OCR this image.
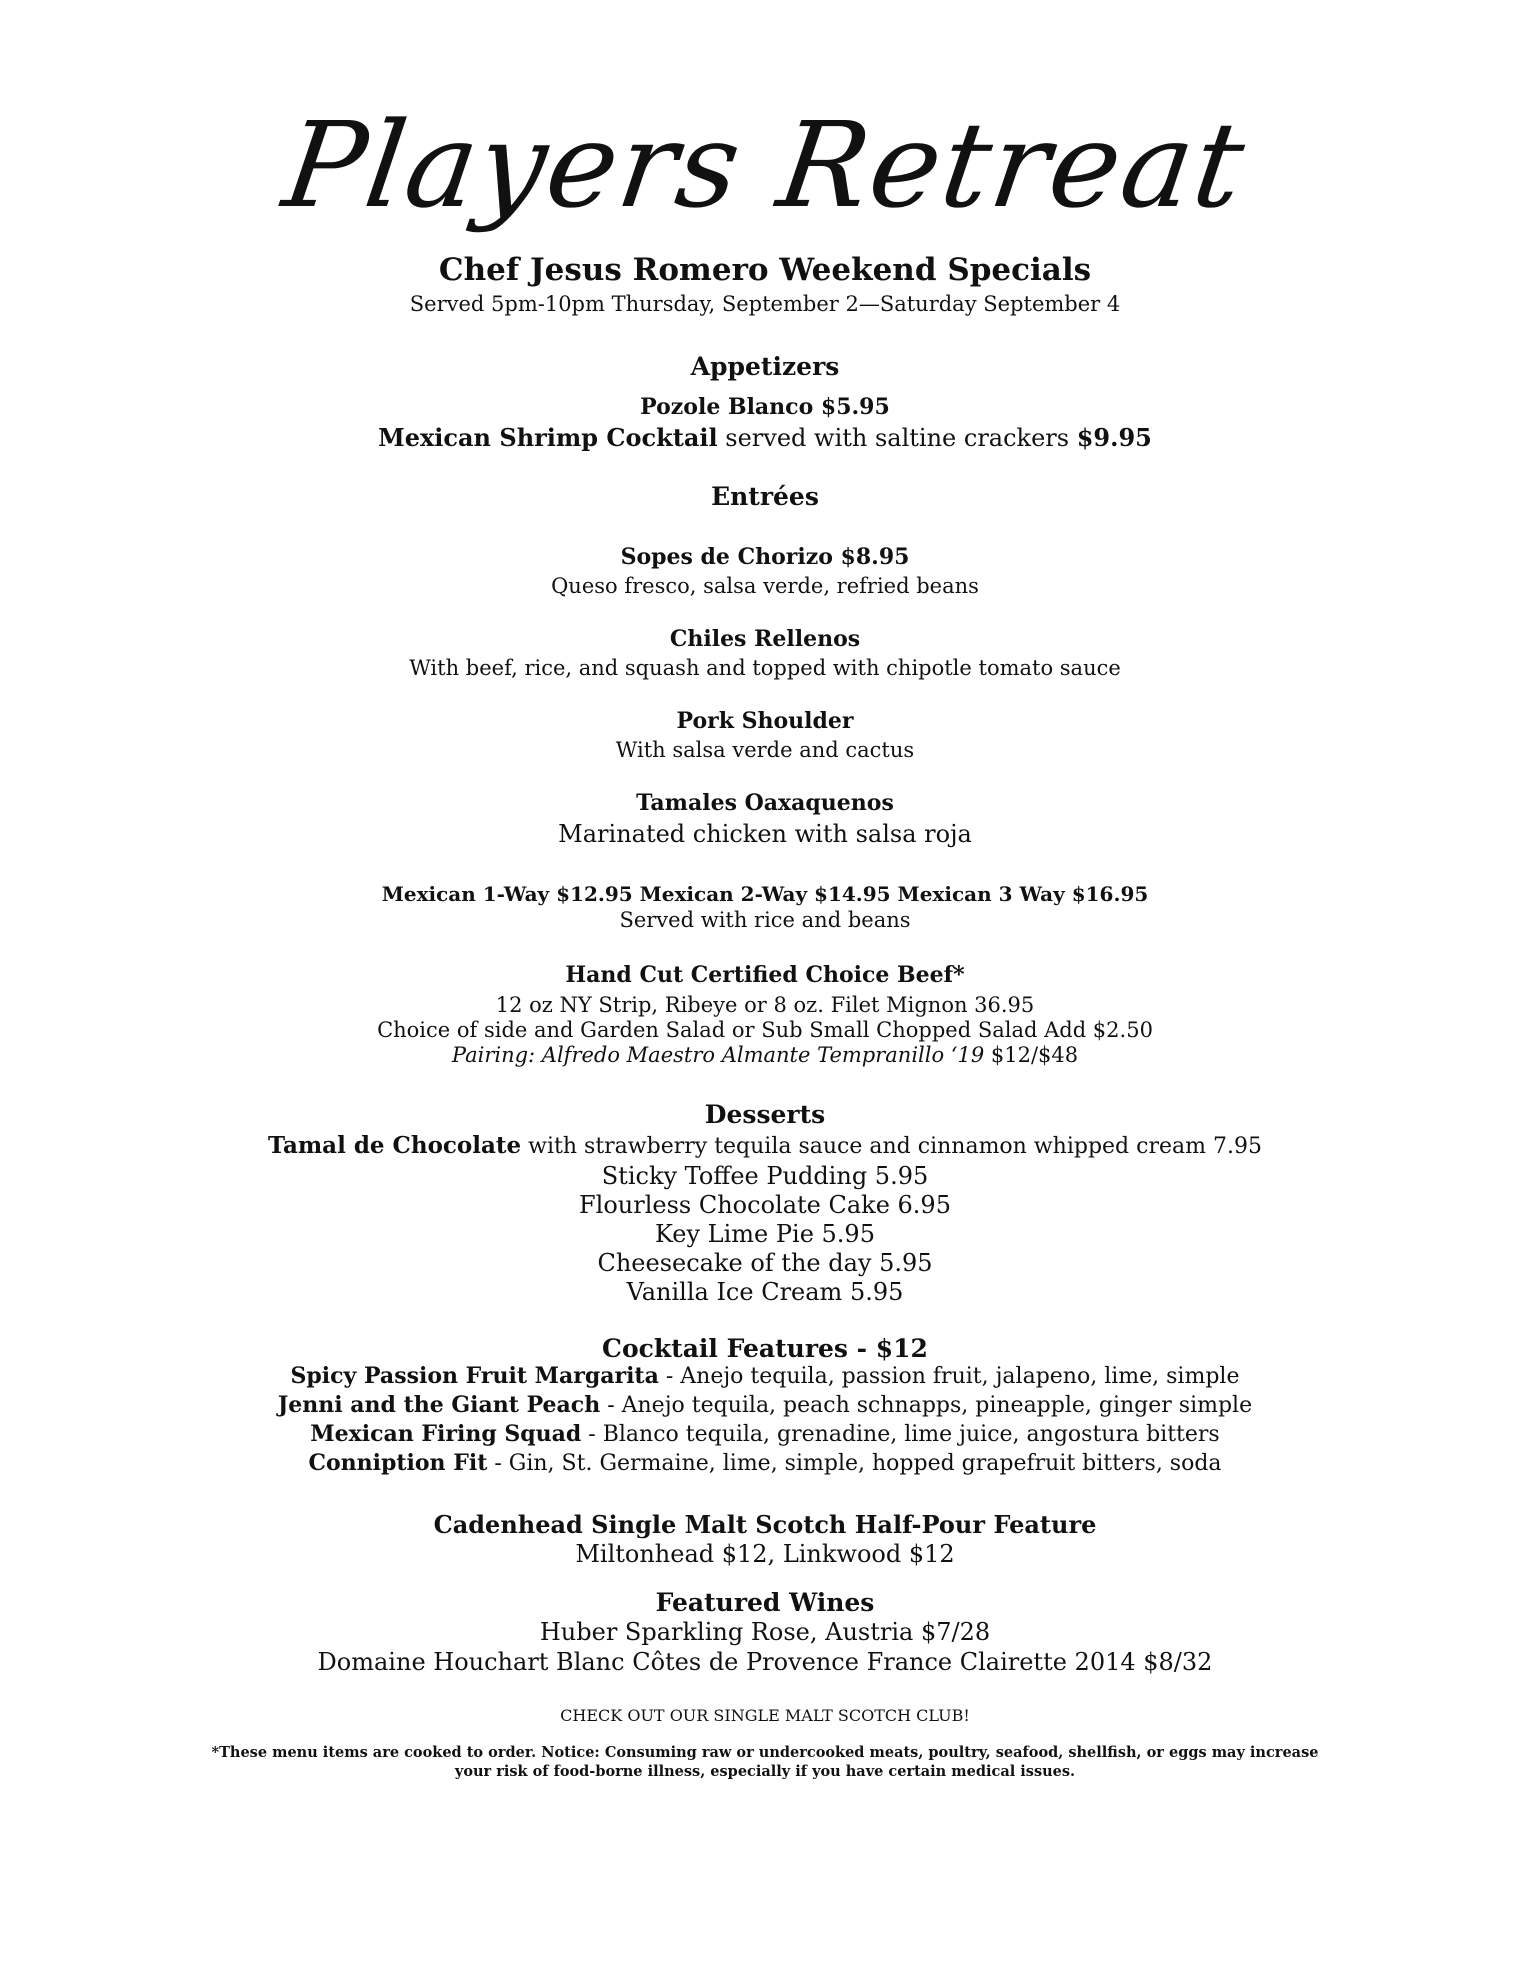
Players Retreat
Chef Jesus Romero Weekend Specials
Served 5pm-10pm Thursday, September 2—Saturday September 4
Appetizers
Pozole Blanco $5.95
Mexican Shrimp Cocktail served with saltine crackers $9.95
Entrées
Sopes de Chorizo $8.95
Queso fresco, salsa verde, refried beans
Chiles Rellenos
With beef, rice, and squash and topped with chipotle tomato sauce
Pork Shoulder
With salsa verde and cactus
Tamales Oaxaquenos
Marinated chicken with salsa roja
Mexican 1-Way $12.95 Mexican 2-Way $14.95 Mexican 3 Way $16.95
Served with rice and beans
Hand Cut Certified Choice Beef*
12 oz NY Strip, Ribeye or 8 oz. Filet Mignon 36.95
Choice of side and Garden Salad or Sub Small Chopped Salad Add $2.50
Pairing: Alfredo Maestro Almante Tempranillo ‘19 $12/$48
Desserts
Tamal de Chocolate with strawberry tequila sauce and cinnamon whipped cream 7.95
Sticky Toffee Pudding 5.95
Flourless Chocolate Cake 6.95
Key Lime Pie 5.95
Cheesecake of the day 5.95
Vanilla Ice Cream 5.95
Cocktail Features - $12
Spicy Passion Fruit Margarita - Anejo tequila, passion fruit, jalapeno, lime, simple
Jenni and the Giant Peach - Anejo tequila, peach schnapps, pineapple, ginger simple
Mexican Firing Squad - Blanco tequila, grenadine, lime juice, angostura bitters
Conniption Fit - Gin, St. Germaine, lime, simple, hopped grapefruit bitters, soda
Cadenhead Single Malt Scotch Half-Pour Feature
Miltonhead $12, Linkwood $12
Featured Wines
Huber Sparkling Rose, Austria $7/28
Domaine Houchart Blanc Côtes de Provence France Clairette 2014 $8/32
CHECK OUT OUR SINGLE MALT SCOTCH CLUB!
*These menu items are cooked to order. Notice: Consuming raw or undercooked meats, poultry, seafood, shellfish, or eggs may increase
your risk of food-borne illness, especially if you have certain medical issues.
